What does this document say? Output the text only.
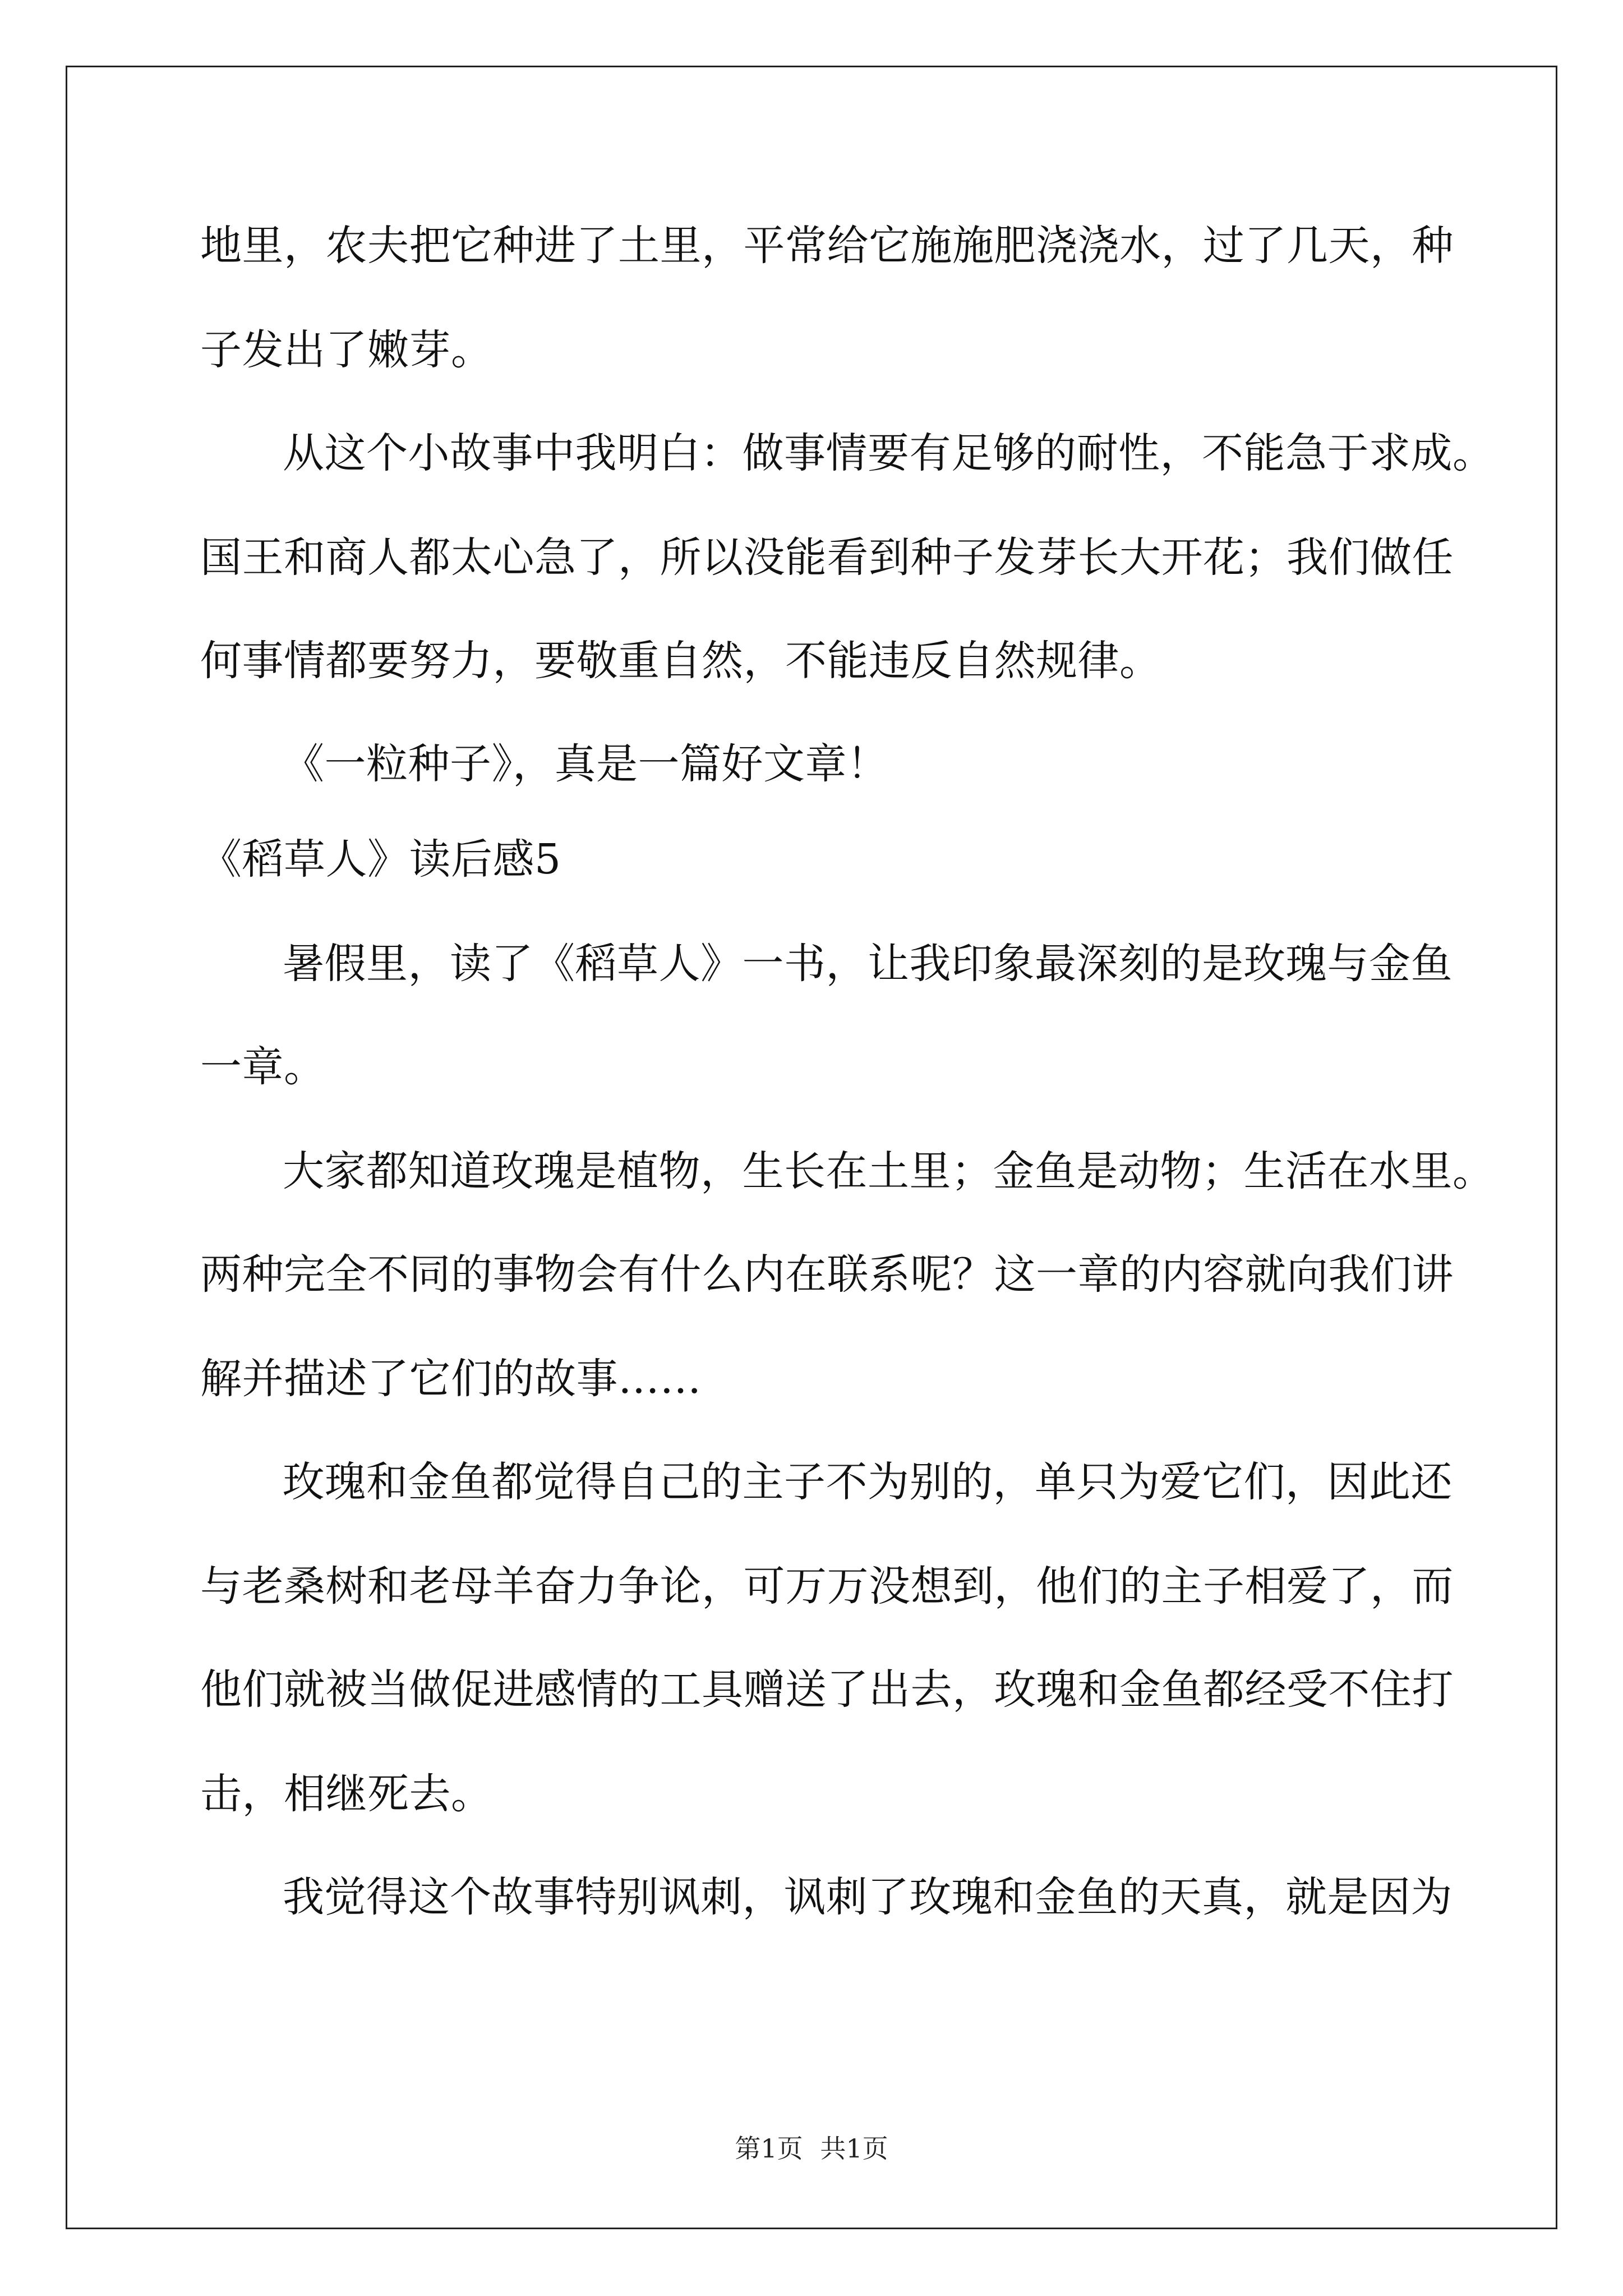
地里，农夫把它种进了土里，平常给它施施肥浇浇水，过了几天，种
子发出了嫩芽。
从这个小故事中我明白：做事情要有足够的耐性，不能急于求成。
国王和商人都太心急了，所以没能看到种子发芽长大开花；我们做任
何事情都要努力，要敬重自然，不能违反自然规律。
《一粒种子》，真是一篇好文章！
《稻草人》读后感5
暑假里，读了《稻草人》一书，让我印象最深刻的是玫瑰与金鱼
一章。
大家都知道玫瑰是植物，生长在土里；金鱼是动物；生活在水里。
两种完全不同的事物会有什么内在联系呢？这一章的内容就向我们讲
解并描述了它们的故事……
玫瑰和金鱼都觉得自己的主子不为别的，单只为爱它们，因此还
与老桑树和老母羊奋力争论，可万万没想到，他们的主子相爱了，而
他们就被当做促进感情的工具赠送了出去，玫瑰和金鱼都经受不住打
击，相继死去。
我觉得这个故事特别讽刺，讽刺了玫瑰和金鱼的天真，就是因为
第1页 共1页
